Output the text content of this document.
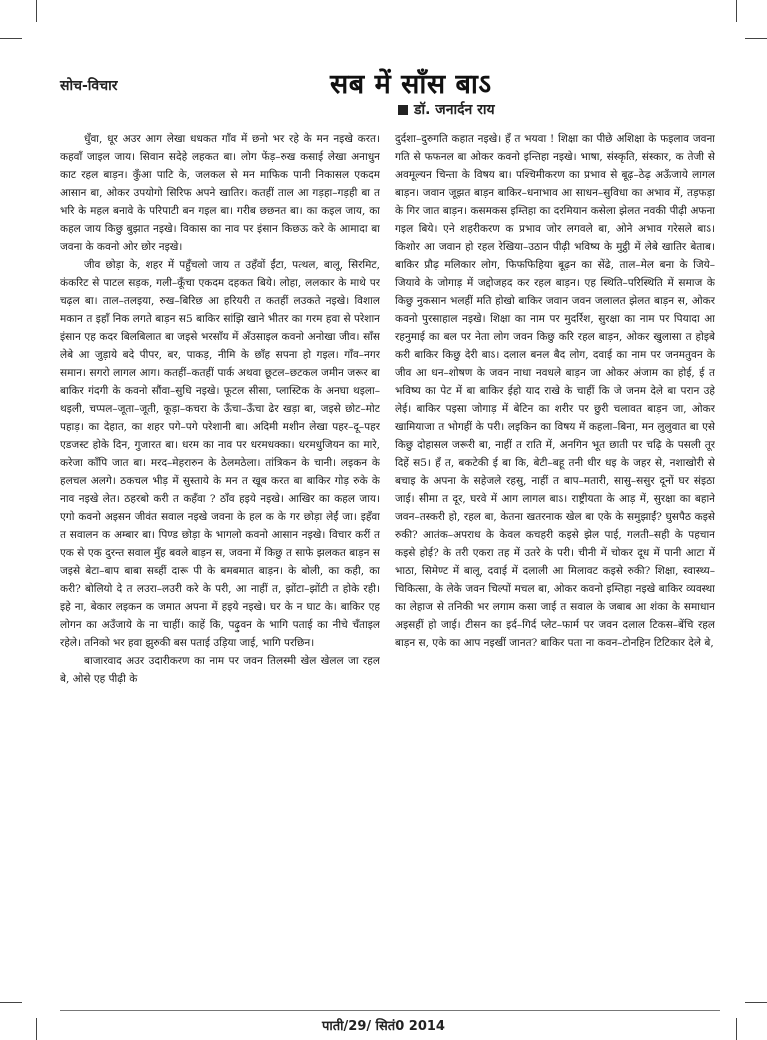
सोच-विचार	सब में साँस बाऽ
डॉ. जनार्दन राय

धुँवा, धूर अउर आग लेखा धधकत गाँव में छनो भर रहे के मन नइखे करत। कहवाँ जाइल जाय। सिवान सदेहे लहकत बा। लोग फेंड़–रुख कसाई लेखा अनाधुन काट रहल बाड़न। कुँआ पाटि के, जलकल से मन माफिक पानी निकासल एकदम आसान बा, ओकर उपयोगो सिरिफ अपने खातिर। कतहीं ताल आ गड़हा–गड़ही बा त भरि के महल बनावे के परिपाटी बन गइल बा। गरीब छछनत बा। का कइल जाय, का कहल जाय किछु बुझात नइखे। विकास का नाव पर इंसान किछऊ करे के आमादा बा जवना के कवनो ओर छोर नइखे।

जीव छोड़ा के, शहर में पहुँचलो जाय त उहँवों ईंटा, पत्थल, बालू, सिरमिट, कंकरिट से पाटल सड़क, गली–कूँचा एकदम दहकत बिये। लोहा, ललकार के माथे पर चढ़ल बा। ताल–तलइया, रुख–बिरिछ आ हरियरी त कतहीं लउकते नइखे। विशाल मकान त इहाँ निक लगते बाड़न स5 बाकिर सांझि खाने भीतर का गरम हवा से परेशान इंसान एह कदर बिलबिलात बा जइसे भरसाँय में अँउसाइल कवनो अनोखा जीव। साँस लेबे आ जुड़ाये बदे पीपर, बर, पाकड़, नीमि के छाँह सपना हो गइल। गाँव–नगर समान। सगरो लागल आग। कतहीं–कतहीं पार्क अथवा छूटल–छटकल जमीन जरूर बा बाकिर गंदगी के कवनो सौंवा–सुधि नइखे। फूटल सीसा, प्लास्टिक के अनघा थइला–थइली, चप्पल–जूता–जूती, कूड़ा–कचरा के ऊँचा–ऊँचा ढेर खड़ा बा, जइसे छोट–मोट पहाड़। का देहात, का शहर पगे–पगे परेशानी बा। अदिमी मशीन लेखा पहर–दू–पहर एडजस्ट होके दिन, गुजारत बा। धरम का नाव पर धरमधक्का। धरमधुजियन का मारे, करेजा काँपि जात बा। मरद–मेहरारुन के ठेलमठेला। तांत्रिकन के चानी। लइकन के हलचल अलगे। ठकचल भीड़ में सुस्ताये के मन त खूब करत बा बाकिर गोड़ रुके के नाव नइखे लेत। ठहरबो करी त कहँवा ? ठाँव हइये नइखे। आखिर का कहल जाय। एगो कवनो अइसन जीवंत सवाल नइखे जवना के हल क के गर छोड़ा लेईं जा। इहँवा त सवालन क अम्बार बा। पिण्ड छोड़ा के भागलो कवनो आसान नइखे। विचार करीं त एक से एक दुरन्त सवाल मुँह बवले बाड़न स, जवना में किछु त साफे झलकत बाड़न स जइसे बेटा–बाप बाबा सब्हीं दारू पी के बमबमात बाड़न। के बोली, का कही, का करी? बोलियो दे त लउरा–लउरी करे के परी, आ नाहीं त, झोंटा–झोंटी त होके रही। इहे ना, बेकार लइकन क जमात अपना में हइये नइखे। घर के न घाट के। बाकिर एह लोगन का अउँजाये के ना चाहीं। काहें कि, पढ़ुवन के भागि पताई का नीचे चँताइल रहेले। तनिको भर हवा झुरुकी बस पताई उड़िया जाई, भागि परछिन।

बाजारवाद अउर उदारीकरण का नाम पर जवन तिलस्मी खेल खेलल जा रहल बे, ओसे एह पीढ़ी के

दुर्दशा–दुरुगति कहात नइखे। हँ त भयवा ! शिक्षा का पीछे अशिक्षा के फइलाव जवना गति से फफनल बा ओकर कवनो इन्तिहा नइखे। भाषा, संस्कृति, संस्कार, क तेजी से अवमूल्यन चिन्ता के विषय बा। पश्चिमीकरण का प्रभाव से बूढ़–ठेढ़ अऊँजाये लागल बाड़न। जवान जूझत बाड़न बाकिर–धनाभाव आ साधन–सुविधा का अभाव में, तड़फड़ा के गिर जात बाड़न। कसमकस इम्तिहा का दरमियान कसेला झेलत नवकी पीढ़ी अफना गइल बिये। एने शहरीकरण क प्रभाव जोर लगवले बा, ओने अभाव गरेसले बाऽ। किशोर आ जवान हो रहल रेखिया–उठान पीढ़ी भविष्य के मुट्ठी में लेबे खातिर बेताब। बाकिर प्रौढ़ मलिकार लोग, फिफफिहिया बूढ़न का सेंढे, ताल–मेल बना के जिये–जियावे के जोगाड़ में जद्दोजहद कर रहल बाड़न। एह स्थिति–परिस्थिति में समाज के किछु नुकसान भलहीं मति होखो बाकिर जवान जवन जलालत झेलत बाड़न स, ओकर कवनो पुरसाहाल नइखे। शिक्षा का नाम पर मुदर्रिश, सुरक्षा का नाम पर पियादा आ रहनुमाई का बल पर नेता लोग जवन किछु करि रहल बाड़न, ओकर खुलासा त होइबे करी बाकिर किछु देरी बाऽ। दलाल बनल बैद लोग, दवाई का नाम पर जनमतुवन के जीव आ धन–शोषण के जवन नाधा नवधले बाड़न जा ओकर अंजाम का होई, ई त भविष्य का पेट में बा बाकिर ईहो याद राखे के चाहीं कि जे जनम देले बा परान उहे लेई। बाकिर पइसा जोगाड़ में बेटिन का शरीर पर छुरी चलावत बाड़न जा, ओकर खामियाजा त भोगहीं के परी। लइकिन का विषय में कहला–बिना, मन लुलुवात बा एसे किछु दोहासल जरूरी बा, नाहीं त राति में, अनगिन भूत छाती पर चढ़ि के पसली तूर दिहें स5। हँ त, बकटेकी ई बा कि, बेटी–बहू तनी धीर धइ के जहर से, नशाखोरी से बचाइ के अपना के सहेजले रहसु, नाहीं त बाप–मतारी, सासु–ससुर दूनों घर संइठा जाई। सीमा त दूर, घरवे में आग लागल बाऽ। राष्ट्रीयता के आड़ में, सुरक्षा का बहाने जवन–तस्करी हो, रहल बा, केतना खतरनाक खेल बा एके के समुझाईं? घुसपैठ कइसे रुकी? आतंक–अपराध के केवल कचहरी कइसे झेल पाई, गलती–सही के पहचान कइसे होई? के तरी एकरा तह में उतरे के परी। चीनी में चोकर दूध में पानी आटा में भाठा, सिमेण्ट में बालू, दवाई में दलाली आ मिलावट कइसे रुकी? शिक्षा, स्वास्थ्य–चिकित्सा, के लेके जवन चिल्पों मचल बा, ओकर कवनो इम्तिहा नइखे बाकिर व्यवस्था का लेहाज से तनिकी भर लगाम कसा जाई त सवाल के जबाब आ शंका के समाधान अइसहीं हो जाई। टीसन का इर्द–गिर्द प्लेट–फार्म पर जवन दलाल टिकस–बेंचि रहल बाड़न स, एके का आप नइखीं जानत? बाकिर पता ना कवन–टोनहिन टिटिकार देले बे,

पाती/29/ सितं0 2014
